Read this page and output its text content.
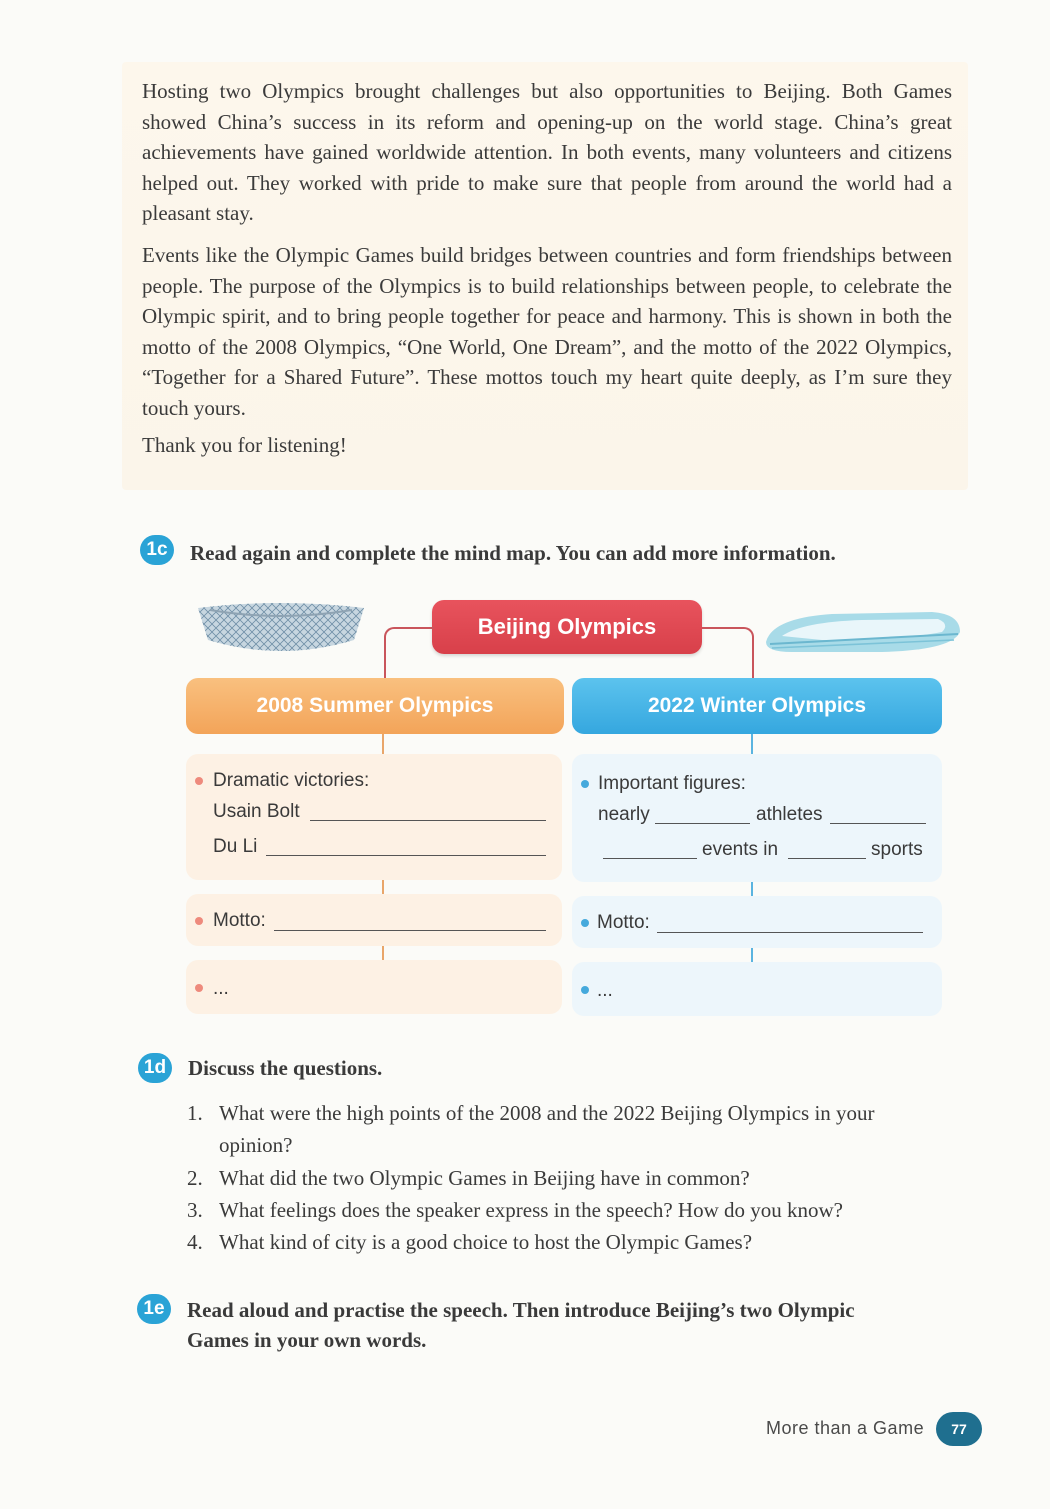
Hosting two Olympics brought challenges but also opportunities to Beijing. Both Games showed China’s success in its reform and opening-up on the world stage. China’s great achievements have gained worldwide attention. In both events, many volunteers and citizens helped out. They worked with pride to make sure that people from around the world had a pleasant stay.

Events like the Olympic Games build bridges between countries and form friendships between people. The purpose of the Olympics is to build relationships between people, to celebrate the Olympic spirit, and to bring people together for peace and harmony. This is shown in both the motto of the 2008 Olympics, “One World, One Dream”, and the motto of the 2022 Olympics, “Together for a Shared Future”. These mottos touch my heart quite deeply, as I’m sure they touch yours.

Thank you for listening!

1c	Read again and complete the mind map. You can add more information.
Beijing Olympics
2008 Summer Olympics	2022 Winter Olympics
Dramatic victories:
Usain Bolt
Du Li
Motto:
...
Important figures:
nearly	athletes
events in	sports
Motto:
...
1d Discuss the questions.
1. What were the high points of the 2008 and the 2022 Beijing Olympics in your
opinion?
2. What did the two Olympic Games in Beijing have in common?
3. What feelings does the speaker express in the speech? How do you know?
4. What kind of city is a good choice to host the Olympic Games?
1e	Read aloud and practise the speech. Then introduce Beijing’s two Olympic
Games in your own words.
More than a Game	77
